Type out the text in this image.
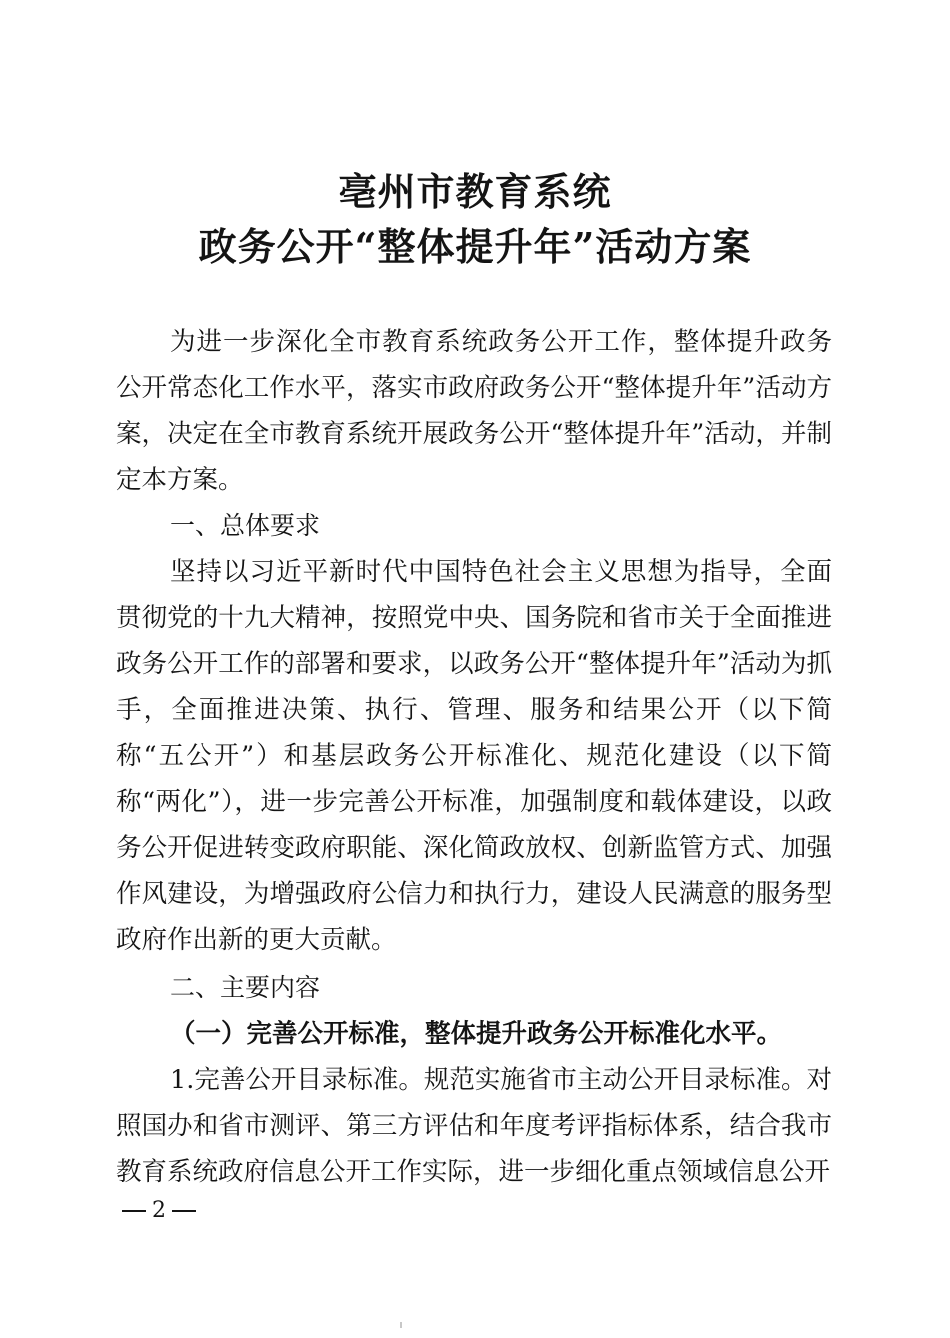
亳州市教育系统
政务公开“整体提升年”活动方案

为进一步深化全市教育系统政务公开工作，整体提升政务公开常态化工作水平，落实市政府政务公开“整体提升年”活动方案，决定在全市教育系统开展政务公开“整体提升年”活动，并制定本方案。

一、总体要求

坚持以习近平新时代中国特色社会主义思想为指导，全面贯彻党的十九大精神，按照党中央、国务院和省市关于全面推进政务公开工作的部署和要求，以政务公开“整体提升年”活动为抓手，全面推进决策、执行、管理、服务和结果公开（以下简称“五公开”）和基层政务公开标准化、规范化建设（以下简称“两化”），进一步完善公开标准，加强制度和载体建设，以政务公开促进转变政府职能、深化简政放权、创新监管方式、加强作风建设，为增强政府公信力和执行力，建设人民满意的服务型政府作出新的更大贡献。

二、主要内容

（一）完善公开标准，整体提升政务公开标准化水平。

1.完善公开目录标准。规范实施省市主动公开目录标准。对照国办和省市测评、第三方评估和年度考评指标体系，结合我市教育系统政府信息公开工作实际，进一步细化重点领域信息公开

2
